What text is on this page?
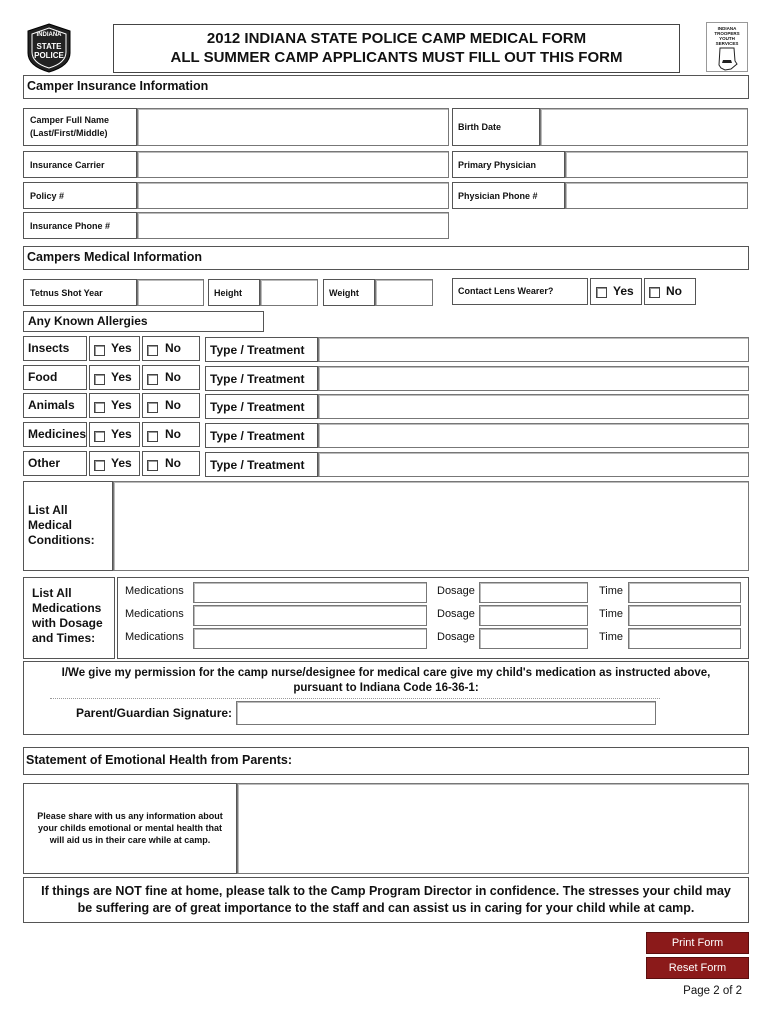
INDIANA
STATE
POLICE
2012 INDIANA STATE POLICE CAMP MEDICAL FORM
ALL SUMMER CAMP APPLICANTS MUST FILL OUT THIS FORM
INDIANA
TROOPERS
YOUTH
SERVICES
Camper Insurance Information
Camper Full Name
(Last/First/Middle)
Birth Date
Insurance Carrier	Primary Physician
Policy #	Physician Phone #
Insurance Phone #
Campers Medical Information
Tetnus Shot Year	Height	Weight	Contact Lens Wearer?	Yes	No
Any Known Allergies
Insects	Yes	No Type / Treatment
Food	Yes	No Type / Treatment
Animals	Yes	No Type / Treatment
Medicines Yes	No Type / Treatment
Other	Yes	No Type / Treatment
List All
Medical
Conditions:
List All
Medications
with Dosage
and Times:
Medications	Dosage	Time
Medications	Dosage	Time
Medications	Dosage	Time
I/We give my permission for the camp nurse/designee for medical care give my child's medication as instructed above,
pursuant to Indiana Code 16-36-1:
Parent/Guardian Signature:
Statement of Emotional Health from Parents:
Please share with us any information about
your childs emotional or mental health that
will aid us in their care while at camp.
If things are NOT fine at home, please talk to the Camp Program Director in confidence. The stresses your child may
be suffering are of great importance to the staff and can assist us in caring for your child while at camp.
Print Form
Reset Form
Page 2 of 2
